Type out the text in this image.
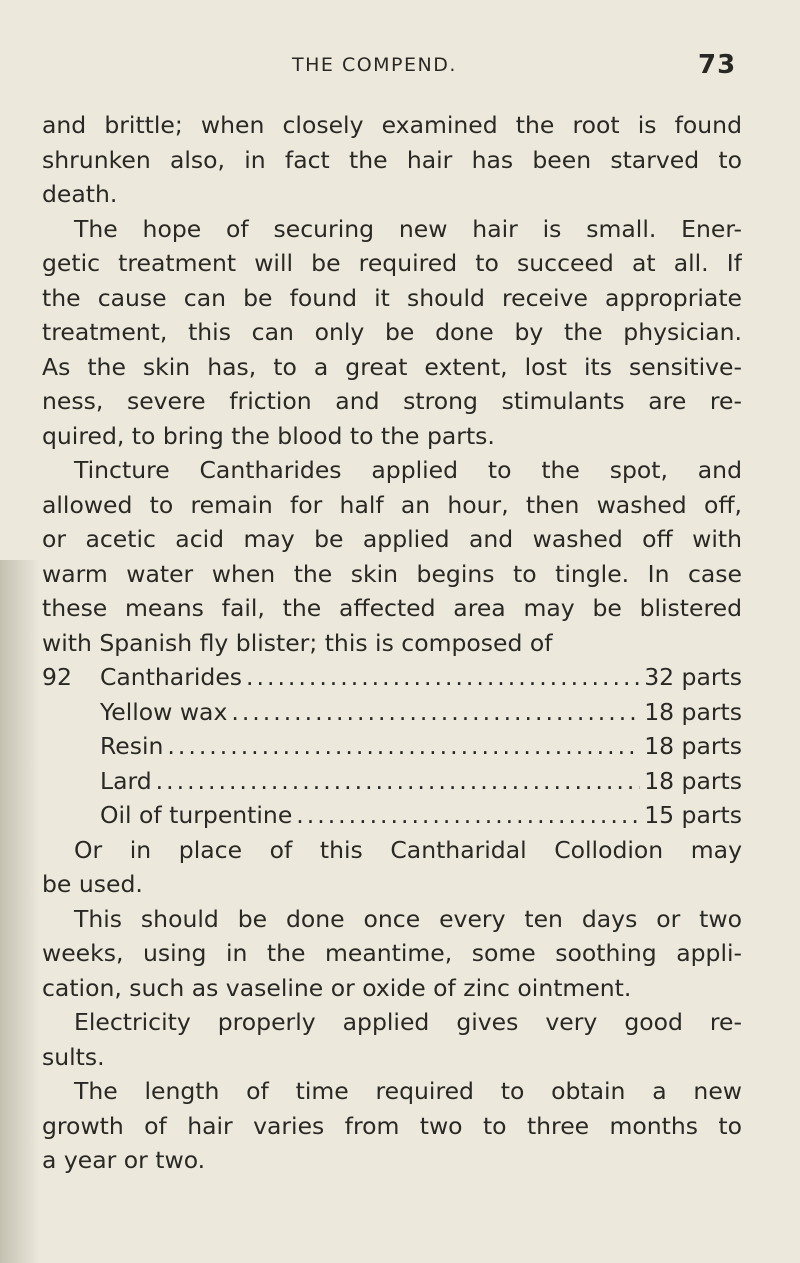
THE COMPEND.	73
and brittle; when closely examined the root is found
shrunken also, in fact the hair has been starved to
death.
The hope of securing new hair is small. Ener-
getic treatment will be required to succeed at all. If
the cause can be found it should receive appropriate
treatment, this can only be done by the physician.
As the skin has, to a great extent, lost its sensitive-
ness, severe friction and strong stimulants are re-
quired, to bring the blood to the parts.
Tincture Cantharides applied to the spot, and
allowed to remain for half an hour, then washed off,
or acetic acid may be applied and washed off with
warm water when the skin begins to tingle. In case
these means fail, the affected area may be blistered
with Spanish fly blister; this is composed of
92	Cantharides .....	32 parts
Yellow wax .....	18 parts
Resin .....	18 parts
Lard .....	18 parts
Oil of turpentine .....	15 parts
Or in place of this Cantharidal Collodion may
be used.
This should be done once every ten days or two
weeks, using in the meantime, some soothing appli-
cation, such as vaseline or oxide of zinc ointment.
Electricity properly applied gives very good re-
sults.
The length of time required to obtain a new
growth of hair varies from two to three months to
a year or two.
